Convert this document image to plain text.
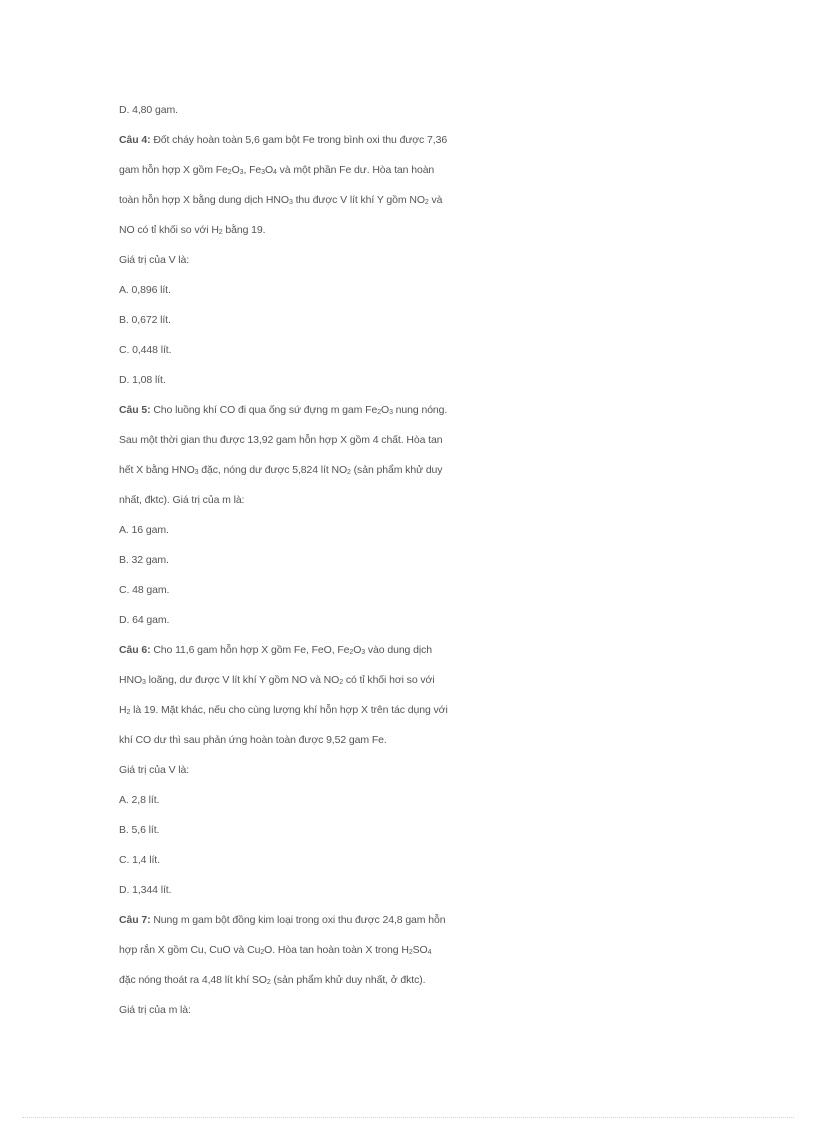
D. 4,80 gam.
Câu 4: Đốt cháy hoàn toàn 5,6 gam bột Fe trong bình oxi thu được 7,36
gam hỗn hợp X gồm Fe2O3, Fe3O4 và một phần Fe dư. Hòa tan hoàn
toàn hỗn hợp X bằng dung dịch HNO3 thu được V lít khí Y gồm NO2 và
NO có tỉ khối so với H2 bằng 19.
Giá trị của V là:
A. 0,896 lít.
B. 0,672 lít.
C. 0,448 lít.
D. 1,08 lít.
Câu 5: Cho luồng khí CO đi qua ống sứ đựng m gam Fe2O3 nung nóng.
Sau một thời gian thu được 13,92 gam hỗn hợp X gồm 4 chất. Hòa tan
hết X bằng HNO3 đặc, nóng dư được 5,824 lít NO2 (sản phẩm khử duy
nhất, đktc). Giá trị của m là:
A. 16 gam.
B. 32 gam.
C. 48 gam.
D. 64 gam.
Câu 6: Cho 11,6 gam hỗn hợp X gồm Fe, FeO, Fe2O3 vào dung dịch
HNO3 loãng, dư được V lít khí Y gồm NO và NO2 có tỉ khối hơi so với
H2 là 19. Mặt khác, nếu cho cùng lượng khí hỗn hợp X trên tác dụng với
khí CO dư thì sau phản ứng hoàn toàn được 9,52 gam Fe.
Giá trị của V là:
A. 2,8 lít.
B. 5,6 lít.
C. 1,4 lít.
D. 1,344 lít.
Câu 7: Nung m gam bột đồng kim loại trong oxi thu được 24,8 gam hỗn
hợp rắn X gồm Cu, CuO và Cu2O. Hòa tan hoàn toàn X trong H2SO4
đặc nóng thoát ra 4,48 lít khí SO2 (sản phẩm khử duy nhất, ở đktc).
Giá trị của m là:
